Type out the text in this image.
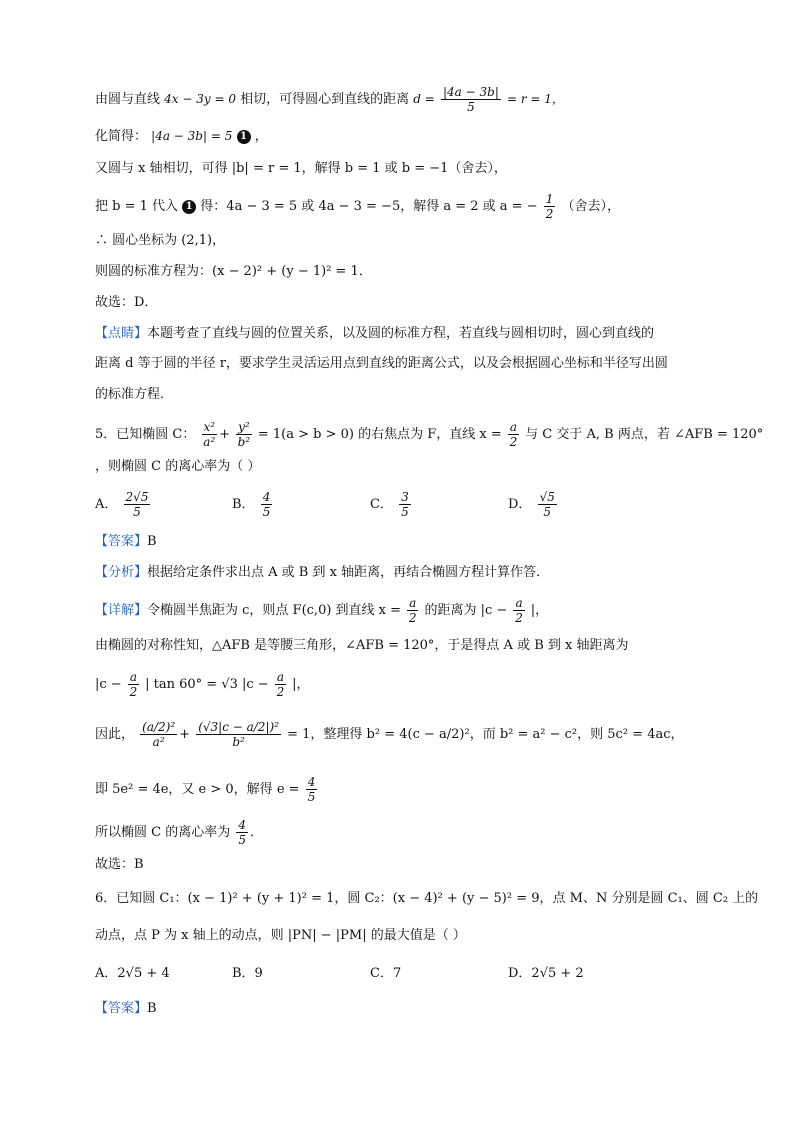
由圆与直线 4x − 3y = 0 相切，可得圆心到直线的距离 $d = \frac{|4a - 3b|}{5} = r = 1$，
化简得： |4a − 3b| = 5 1 ，
又圆与 x 轴相切，可得 |b| = r = 1，解得 b = 1 或 b = −1（舍去），
把 b = 1 代入 1 得：4a − 3 = 5 或 4a − 3 = −5，解得 a = 2 或 a = − $\frac{1}{2}$ （舍去），
∴ 圆心坐标为 (2,1)，
则圆的标准方程为：(x − 2)² + (y − 1)² = 1．
故选：D．
【点睛】本题考查了直线与圆的位置关系，以及圆的标准方程，若直线与圆相切时，圆心到直线的
距离 d 等于圆的半径 r，要求学生灵活运用点到直线的距离公式，以及会根据圆心坐标和半径写出圆
的标准方程．
5．已知椭圆 C： $\frac{\text{x²}}{\text{a²}} + \frac{\text{y²}}{\text{b²}} = 1(a > b > 0)$ 的右焦点为 F，直线 $x = \frac{a}{2}$ 与 C 交于 A, B 两点，若 ∠AFB = 120°
，则椭圆 C 的离心率为（ ）
A． $\frac{2√5}{5}$	B． $\frac{4}{5}$	C． $\frac{3}{5}$	D． $\frac{√5}{5}$
【答案】B
【分析】根据给定条件求出点 A 或 B 到 x 轴距离，再结合椭圆方程计算作答．
【详解】令椭圆半焦距为 c，则点 F(c,0) 到直线 $x = \frac{a}{2}$ 的距离为 $|c - \frac{a}{2}$ |，
由椭圆的对称性知，△AFB 是等腰三角形，∠AFB = 120°，于是得点 A 或 B 到 x 轴距离为
$|c - \frac{a}{2}$ | tan 60° = √3 $|c - \frac{a}{2}$ |，
因此， $\frac{\text{(a/2)²}}{\text{a²}} + \frac{\text{(√3|c − a/2|)²}}{\text{b²}} = 1$，整理得 b² = 4(c − a/2)²，而 b² = a² − c²，则 5c² = 4ac，
即 5e² = 4e，又 e > 0，解得 $e = \frac{4}{5}$
所以椭圆 C 的离心率为 $\frac{4}{5}$ ．
故选：B
6．已知圆 C₁：(x − 1)² + (y + 1)² = 1，圆 C₂：(x − 4)² + (y − 5)² = 9，点 M、N 分别是圆 C₁、圆 C₂ 上的
动点，点 P 为 x 轴上的动点，则 |PN| − |PM| 的最大值是（ ）
A．2√5 + 4	B．9	C．7	D．2√5 + 2
【答案】B
